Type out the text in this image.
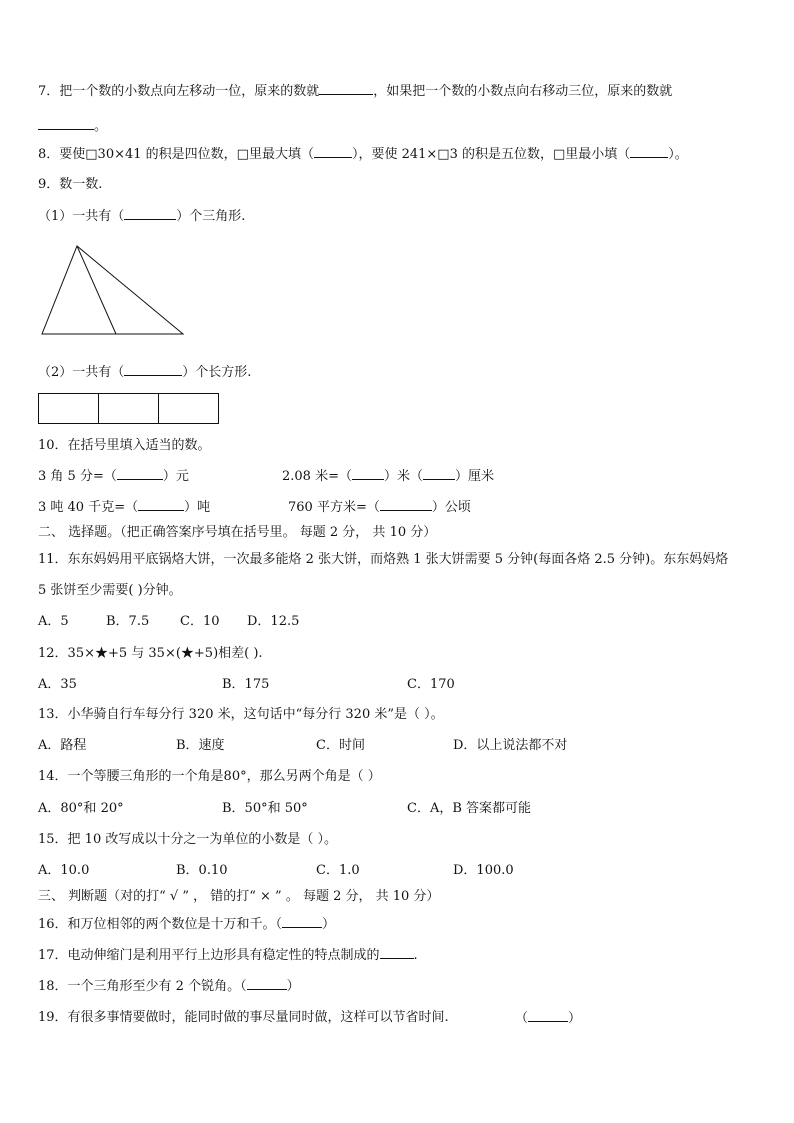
7．把一个数的小数点向左移动一位，原来的数就	，如果把一个数的小数点向右移动三位，原来的数就
。
8．要使□30×41 的积是四位数，□里最大填（	），要使 241×□3 的积是五位数，□里最小填（	）。
9．数一数.
（1）一共有（	）个三角形.
（2）一共有（	）个长方形.
10．在括号里填入适当的数。
3 角 5 分=（	）元	2.08 米=（ ）米（ ）厘米
3 吨 40 千克=（	）吨	760 平方米=（	）公顷
二、 选择题。（把正确答案序号填在括号里。 每题 2 分， 共 10 分）
11．东东妈妈用平底锅烙大饼，一次最多能烙 2 张大饼，而烙熟 1 张大饼需要 5 分钟(每面各烙 2.5 分钟)。东东妈妈烙
5 张饼至少需要( )分钟。
A．5	B．7.5 C．10 D．12.5
12．35×★+5 与 35×(★+5)相差( ).
A．35	B．175	C．170
13．小华骑自行车每分行 320 米，这句话中“每分行 320 米”是（ ）。
A．路程	B．速度	C．时间	D．以上说法都不对
14．一个等腰三角形的一个角是80°，那么另两个角是（ ）
A．80°和 20°	B．50°和 50°	C．A，B 答案都可能
15．把 10 改写成以十分之一为单位的小数是（ ）。
A．10.0	B．0.10	C．1.0	D．100.0
三、 判断题（对的打“ √ ” ， 错的打“ × ” 。 每题 2 分， 共 10 分）
16．和万位相邻的两个数位是十万和千。（	）
17．电动伸缩门是利用平行上边形具有稳定性的特点制成的	.
18．一个三角形至少有 2 个锐角。（	）
19．有很多事情要做时，能同时做的事尽量同时做，这样可以节省时间.	（	）
